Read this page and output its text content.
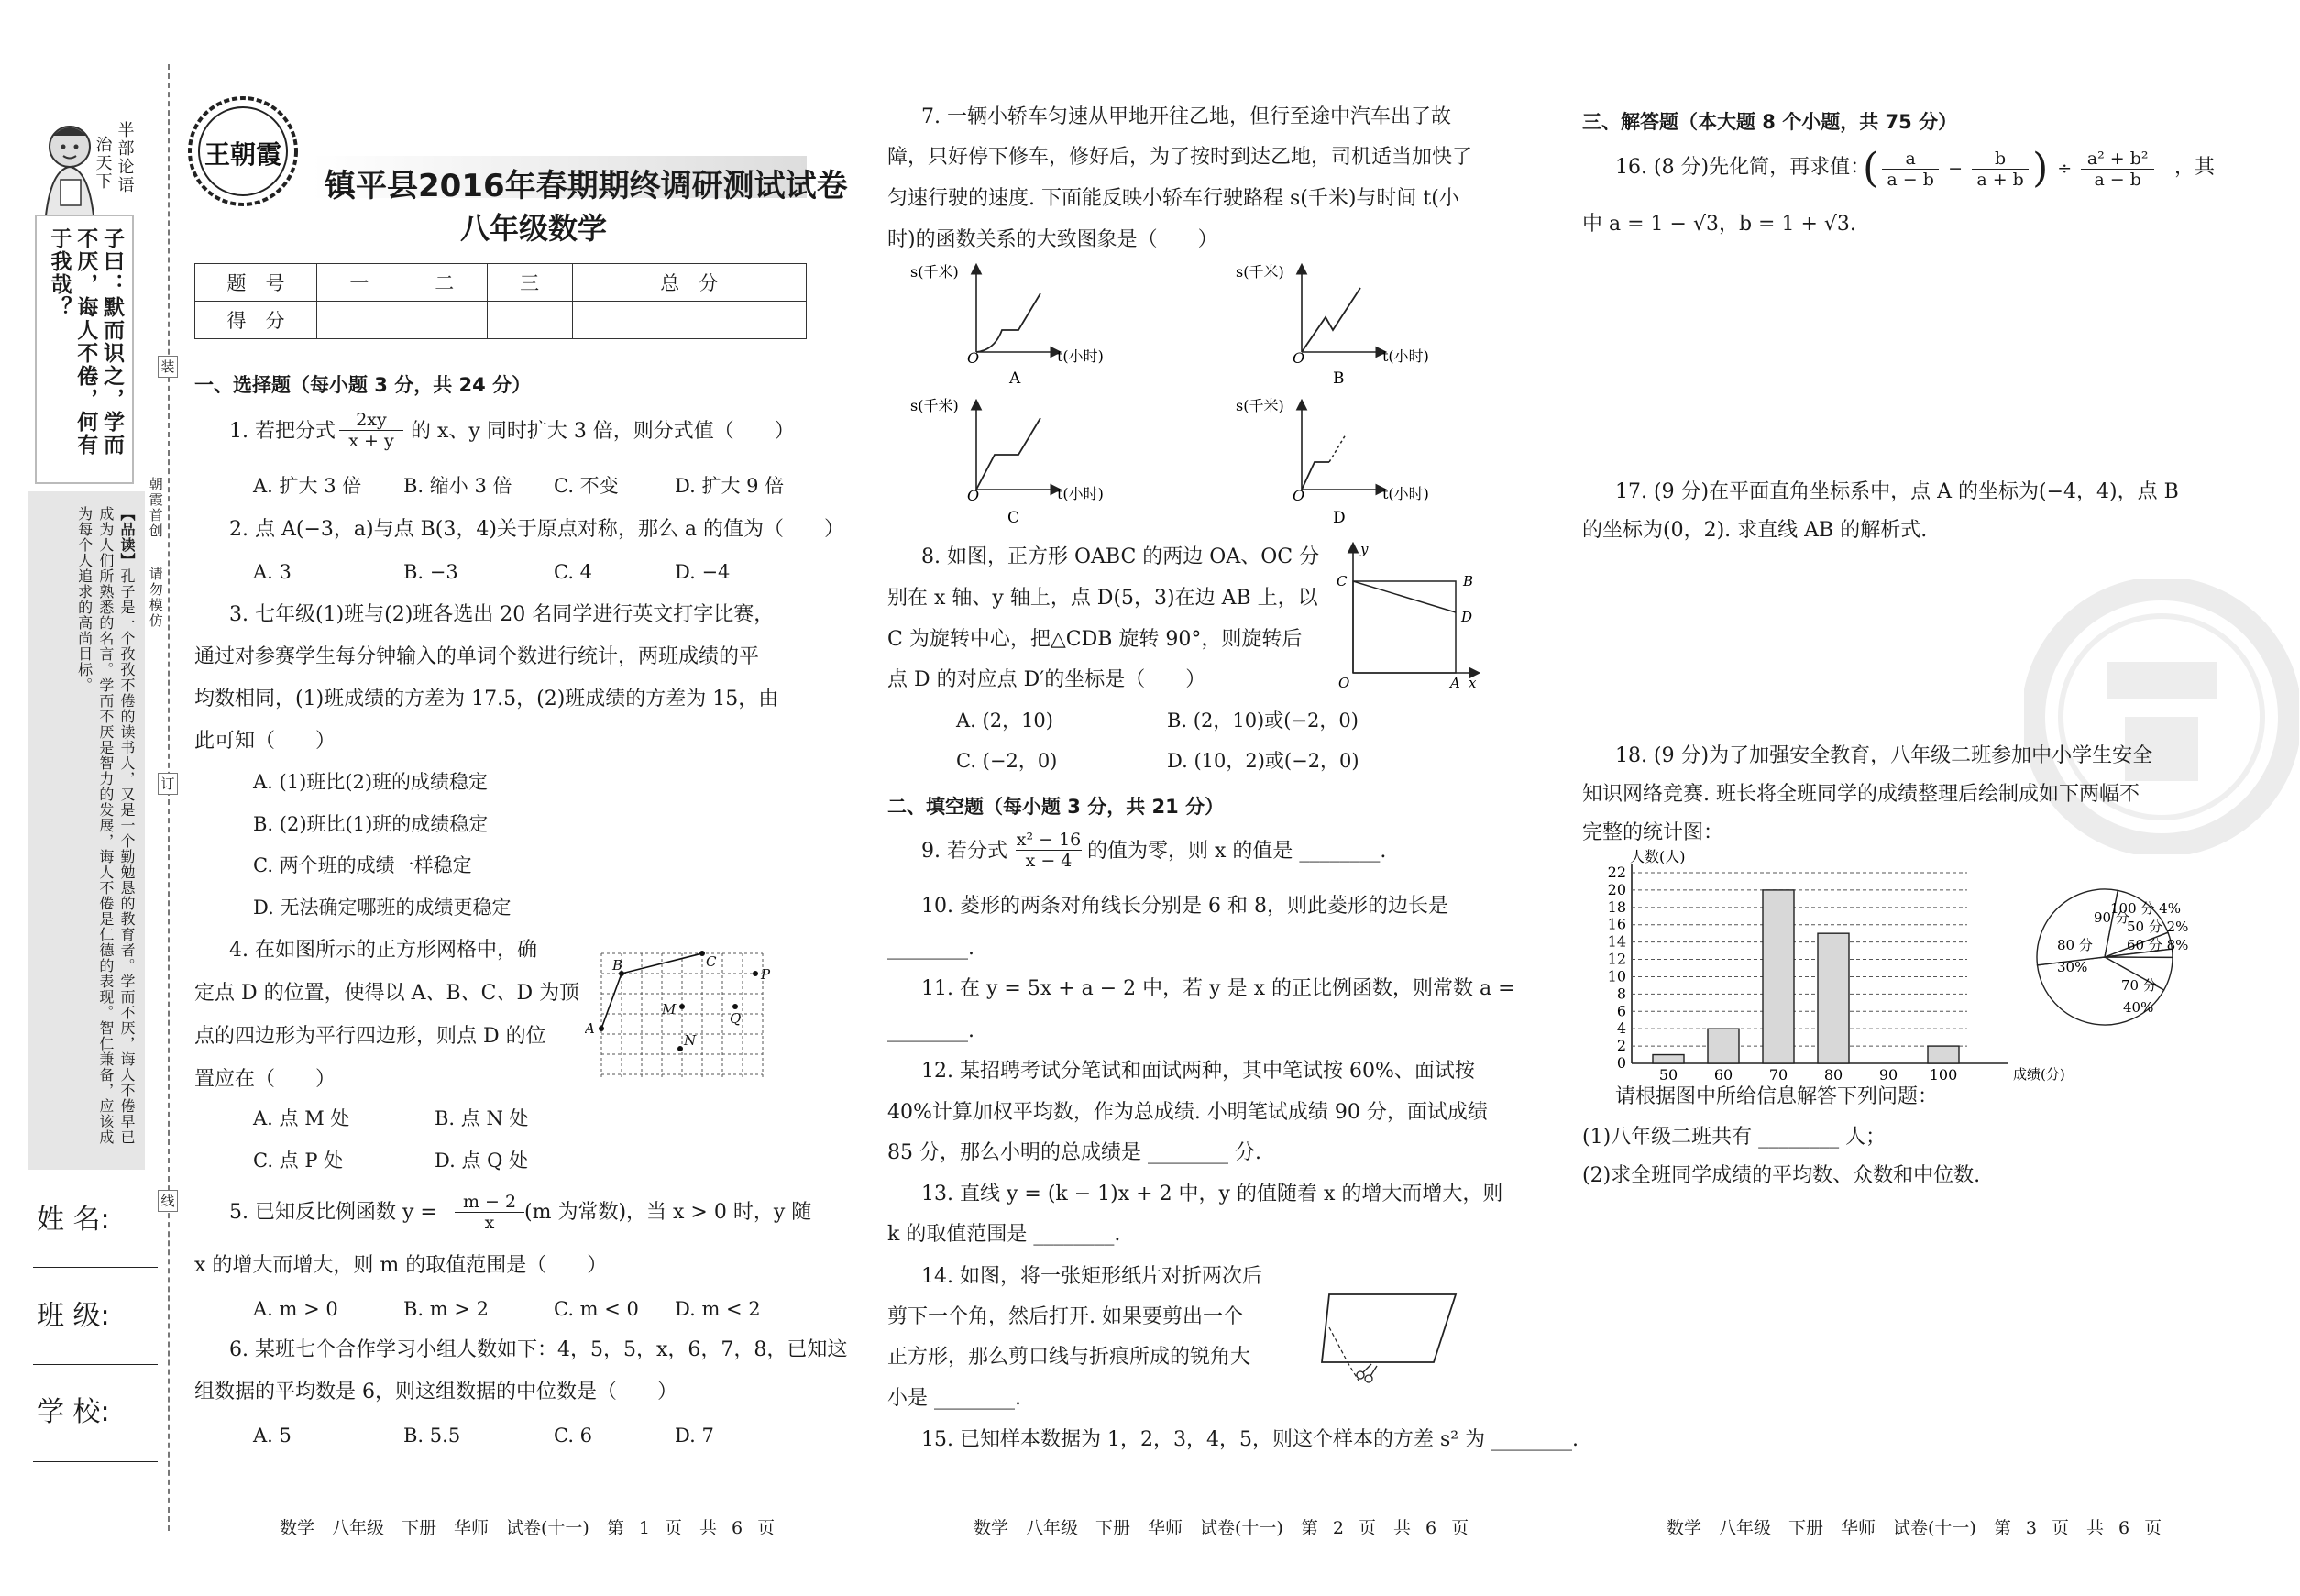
半部论语
治天下
子曰：默而识之，学而不厌，诲人不倦，何有于我哉？
【品读】孔子是一个孜孜不倦的读书人，又是一个勤勉恳的教育者。学而不厌，诲人不倦早已成为人们所熟悉的名言。学而不厌是智力的发展，诲人不倦是仁德的表现。智仁兼备，应该成为每个人追求的高尚目标。
装
订
线
朝霞首创
请勿模仿
姓 名:
班 级:
学 校:
王朝霞
镇平县2016年春期期终调研测试试卷
八年级数学
题　号	一	二	三	总　分
得　分				
一、选择题（每小题 3 分，共 24 分）
1. 若把分式 $\frac{2xy}{x + y}$ 的 x、y 同时扩大 3 倍，则分式值（　　）
A. 扩大 3 倍 B. 缩小 3 倍 C. 不变	D. 扩大 9 倍
2. 点 A(−3，a)与点 B(3，4)关于原点对称，那么 a 的值为（　　）
A. 3	B. −3	C. 4	D. −4
3. 七年级(1)班与(2)班各选出 20 名同学进行英文打字比赛，
通过对参赛学生每分钟输入的单词个数进行统计，两班成绩的平
均数相同，(1)班成绩的方差为 17.5，(2)班成绩的方差为 15，由
此可知（　　）
A. (1)班比(2)班的成绩稳定
B. (2)班比(1)班的成绩稳定
C. 两个班的成绩一样稳定
D. 无法确定哪班的成绩更稳定
4. 在如图所示的正方形网格中，确
定点 D 的位置，使得以 A、B、C、D 为顶
点的四边形为平行四边形，则点 D 的位
置应在（　　）
A
B	C
P
M
Q
N
A. 点 M 处	B. 点 N 处
C. 点 P 处	D. 点 Q 处
5. 已知反比例函数 $y = \frac{m - 2}{x} (m$ 为常数)，当 x > 0 时，y 随
x 的增大而增大，则 m 的取值范围是（　　）
A. m > 0	B. m > 2	C. m < 0 D. m < 2
6. 某班七个合作学习小组人数如下：4，5，5，x，6，7，8，已知这
组数据的平均数是 6，则这组数据的中位数是（　　）
A. 5	B. 5.5	C. 6	D. 7
7. 一辆小轿车匀速从甲地开往乙地，但行至途中汽车出了故
障，只好停下修车，修好后，为了按时到达乙地，司机适当加快了
匀速行驶的速度. 下面能反映小轿车行驶路程 s(千米)与时间 t(小
时)的函数关系的大致图象是（　　）
s(千米)
t(小时)
O
A
s(千米)
t(小时)
O
B
s(千米)
t(小时)
O
C
s(千米)
t(小时)
O
D
8. 如图，正方形 OABC 的两边 OA、OC 分
别在 x 轴、y 轴上，点 D(5，3)在边 AB 上，以
C 为旋转中心，把△CDB 旋转 90°，则旋转后
点 D 的对应点 D′的坐标是（　　）
y
C	B
D
O	A x
A. (2，10)	B. (2，10)或(−2，0)
C. (−2，0)	D. (10，2)或(−2，0)
二、填空题（每小题 3 分，共 21 分）
9. 若分式 $\frac{\text{x² − 16}}{x - 4}$ 的值为零，则 x 的值是 ________.
10. 菱形的两条对角线长分别是 6 和 8，则此菱形的边长是
________.
11. 在 y = 5x + a − 2 中，若 y 是 x 的正比例函数，则常数 a =
________.
12. 某招聘考试分笔试和面试两种，其中笔试按 60%、面试按
40%计算加权平均数，作为总成绩. 小明笔试成绩 90 分，面试成绩
85 分，那么小明的总成绩是 ________ 分.
13. 直线 y = (k − 1)x + 2 中，y 的值随着 x 的增大而增大，则
k 的取值范围是 ________.
14. 如图，将一张矩形纸片对折两次后
剪下一个角，然后打开. 如果要剪出一个
正方形，那么剪口线与折痕所成的锐角大
小是 ________.
15. 已知样本数据为 1，2，3，4，5，则这个样本的方差 s² 为 ________.
三、解答题（本大题 8 个小题，共 75 分）
16. (8 分)先化简，再求值：
( $\frac{a}{a - b} - \frac{b}{a + b}$ ) ÷ $\frac{\text{a² + b²}}{a - b}$ ，其
中 a = 1 − √3，b = 1 + √3.
17. (9 分)在平面直角坐标系中，点 A 的坐标为(−4，4)，点 B
的坐标为(0，2). 求直线 AB 的解析式.
18. (9 分)为了加强安全教育，八年级二班参加中小学生安全
知识网络竞赛. 班长将全班同学的成绩整理后绘制成如下两幅不
完整的统计图：
0
2
4
6
8
10
12
14
16
18
20
22
50 60 70 80 90 100
人数(人)
成绩(分)
90 分
80 分
30%
70 分
40%
100 分 4%
50 分 2%
60 分 8%
请根据图中所给信息解答下列问题：
(1)八年级二班共有 ________ 人；
(2)求全班同学成绩的平均数、众数和中位数.
数学　八年级　下册　华师　试卷(十一)　第 1 页　共 6 页	数学　八年级　下册　华师　试卷(十一)　第 2 页　共 6 页	数学　八年级　下册　华师　试卷(十一)　第 3 页　共 6 页
